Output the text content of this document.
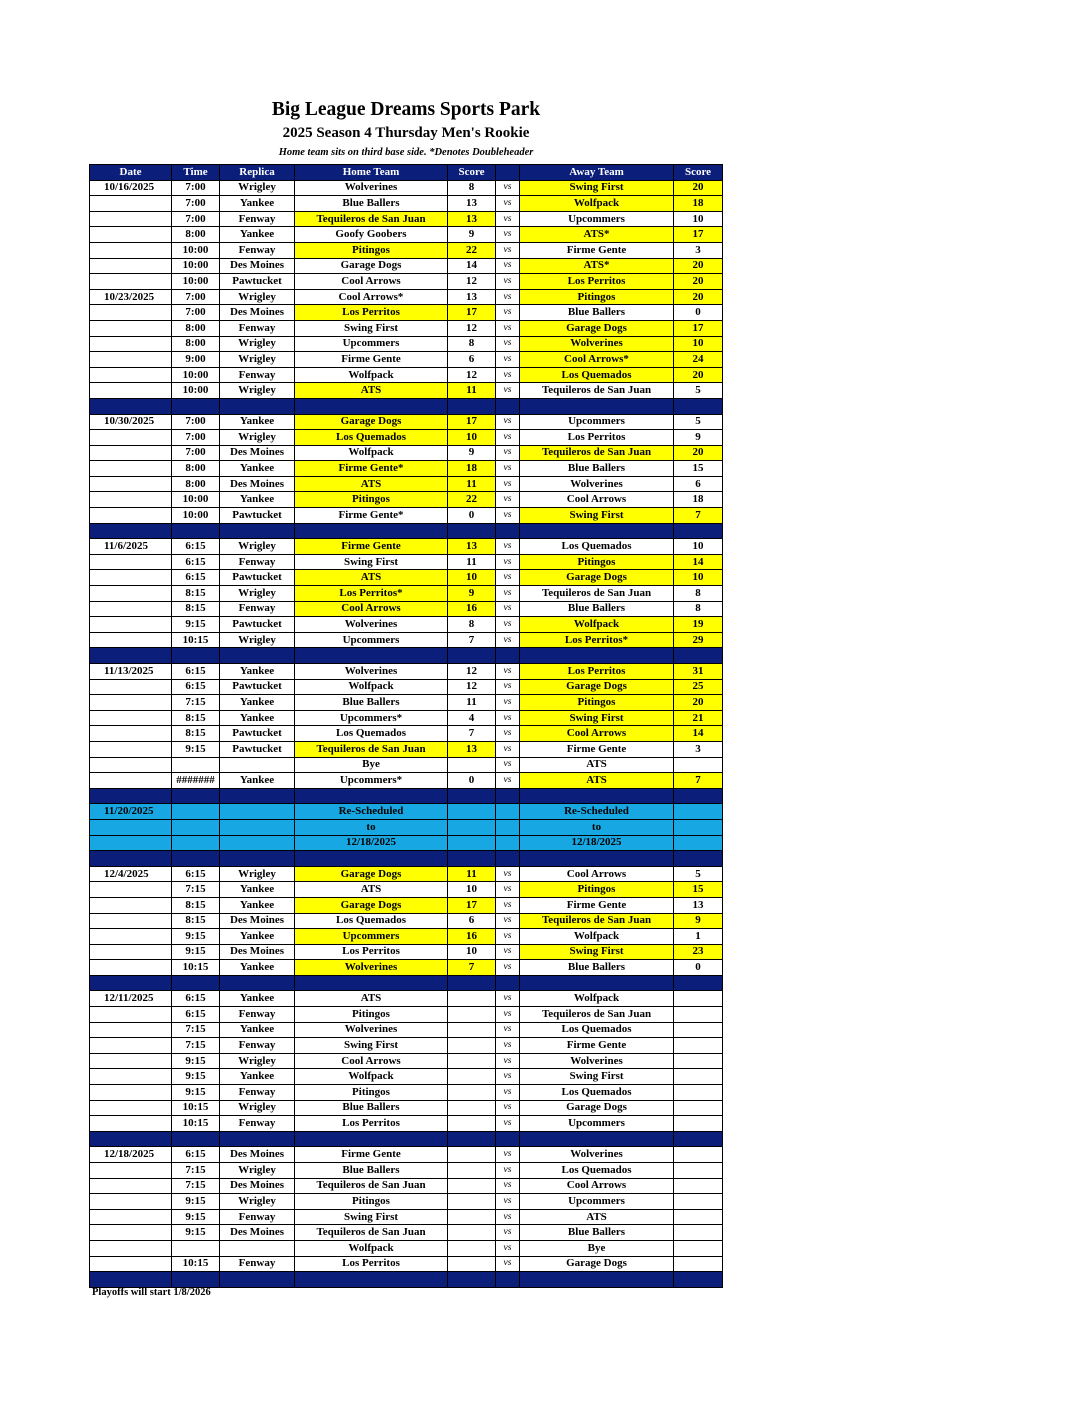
Big League Dreams Sports Park
2025 Season 4 Thursday Men's Rookie
Home team sits on third base side. *Denotes Doubleheader
Date	Time	Replica	Home Team	Score		Away Team	Score
10/16/2025	7:00	Wrigley	Wolverines	8	vs	Swing First	20
	7:00	Yankee	Blue Ballers	13	vs	Wolfpack	18
	7:00	Fenway	Tequileros de San Juan	13	vs	Upcommers	10
	8:00	Yankee	Goofy Goobers	9	vs	ATS*	17
	10:00	Fenway	Pitingos	22	vs	Firme Gente	3
	10:00	Des Moines	Garage Dogs	14	vs	ATS*	20
	10:00	Pawtucket	Cool Arrows	12	vs	Los Perritos	20
10/23/2025	7:00	Wrigley	Cool Arrows*	13	vs	Pitingos	20
	7:00	Des Moines	Los Perritos	17	vs	Blue Ballers	0
	8:00	Fenway	Swing First	12	vs	Garage Dogs	17
	8:00	Wrigley	Upcommers	8	vs	Wolverines	10
	9:00	Wrigley	Firme Gente	6	vs	Cool Arrows*	24
	10:00	Fenway	Wolfpack	12	vs	Los Quemados	20
	10:00	Wrigley	ATS	11	vs	Tequileros de San Juan	5

10/30/2025	7:00	Yankee	Garage Dogs	17	vs	Upcommers	5
	7:00	Wrigley	Los Quemados	10	vs	Los Perritos	9
	7:00	Des Moines	Wolfpack	9	vs	Tequileros de San Juan	20
	8:00	Yankee	Firme Gente*	18	vs	Blue Ballers	15
	8:00	Des Moines	ATS	11	vs	Wolverines	6
	10:00	Yankee	Pitingos	22	vs	Cool Arrows	18
	10:00	Pawtucket	Firme Gente*	0	vs	Swing First	7

11/6/2025	6:15	Wrigley	Firme Gente	13	vs	Los Quemados	10
	6:15	Fenway	Swing First	11	vs	Pitingos	14
	6:15	Pawtucket	ATS	10	vs	Garage Dogs	10
	8:15	Wrigley	Los Perritos*	9	vs	Tequileros de San Juan	8
	8:15	Fenway	Cool Arrows	16	vs	Blue Ballers	8
	9:15	Pawtucket	Wolverines	8	vs	Wolfpack	19
	10:15	Wrigley	Upcommers	7	vs	Los Perritos*	29

11/13/2025	6:15	Yankee	Wolverines	12	vs	Los Perritos	31
	6:15	Pawtucket	Wolfpack	12	vs	Garage Dogs	25
	7:15	Yankee	Blue Ballers	11	vs	Pitingos	20
	8:15	Yankee	Upcommers*	4	vs	Swing First	21
	8:15	Pawtucket	Los Quemados	7	vs	Cool Arrows	14
	9:15	Pawtucket	Tequileros de San Juan	13	vs	Firme Gente	3
			Bye		vs	ATS	
	#######	Yankee	Upcommers*	0	vs	ATS	7

11/20/2025			Re-Scheduled			Re-Scheduled	
			to			to	
			12/18/2025			12/18/2025	

12/4/2025	6:15	Wrigley	Garage Dogs	11	vs	Cool Arrows	5
	7:15	Yankee	ATS	10	vs	Pitingos	15
	8:15	Yankee	Garage Dogs	17	vs	Firme Gente	13
	8:15	Des Moines	Los Quemados	6	vs	Tequileros de San Juan	9
	9:15	Yankee	Upcommers	16	vs	Wolfpack	1
	9:15	Des Moines	Los Perritos	10	vs	Swing First	23
	10:15	Yankee	Wolverines	7	vs	Blue Ballers	0

12/11/2025	6:15	Yankee	ATS		vs	Wolfpack	
	6:15	Fenway	Pitingos		vs	Tequileros de San Juan	
	7:15	Yankee	Wolverines		vs	Los Quemados	
	7:15	Fenway	Swing First		vs	Firme Gente	
	9:15	Wrigley	Cool Arrows		vs	Wolverines	
	9:15	Yankee	Wolfpack		vs	Swing First	
	9:15	Fenway	Pitingos		vs	Los Quemados	
	10:15	Wrigley	Blue Ballers		vs	Garage Dogs	
	10:15	Fenway	Los Perritos		vs	Upcommers	

12/18/2025	6:15	Des Moines	Firme Gente		vs	Wolverines	
	7:15	Wrigley	Blue Ballers		vs	Los Quemados	
	7:15	Des Moines	Tequileros de San Juan		vs	Cool Arrows	
	9:15	Wrigley	Pitingos		vs	Upcommers	
	9:15	Fenway	Swing First		vs	ATS	
	9:15	Des Moines	Tequileros de San Juan		vs	Blue Ballers	
			Wolfpack		vs	Bye	
	10:15	Fenway	Los Perritos		vs	Garage Dogs	

Playoffs will start 1/8/2026
